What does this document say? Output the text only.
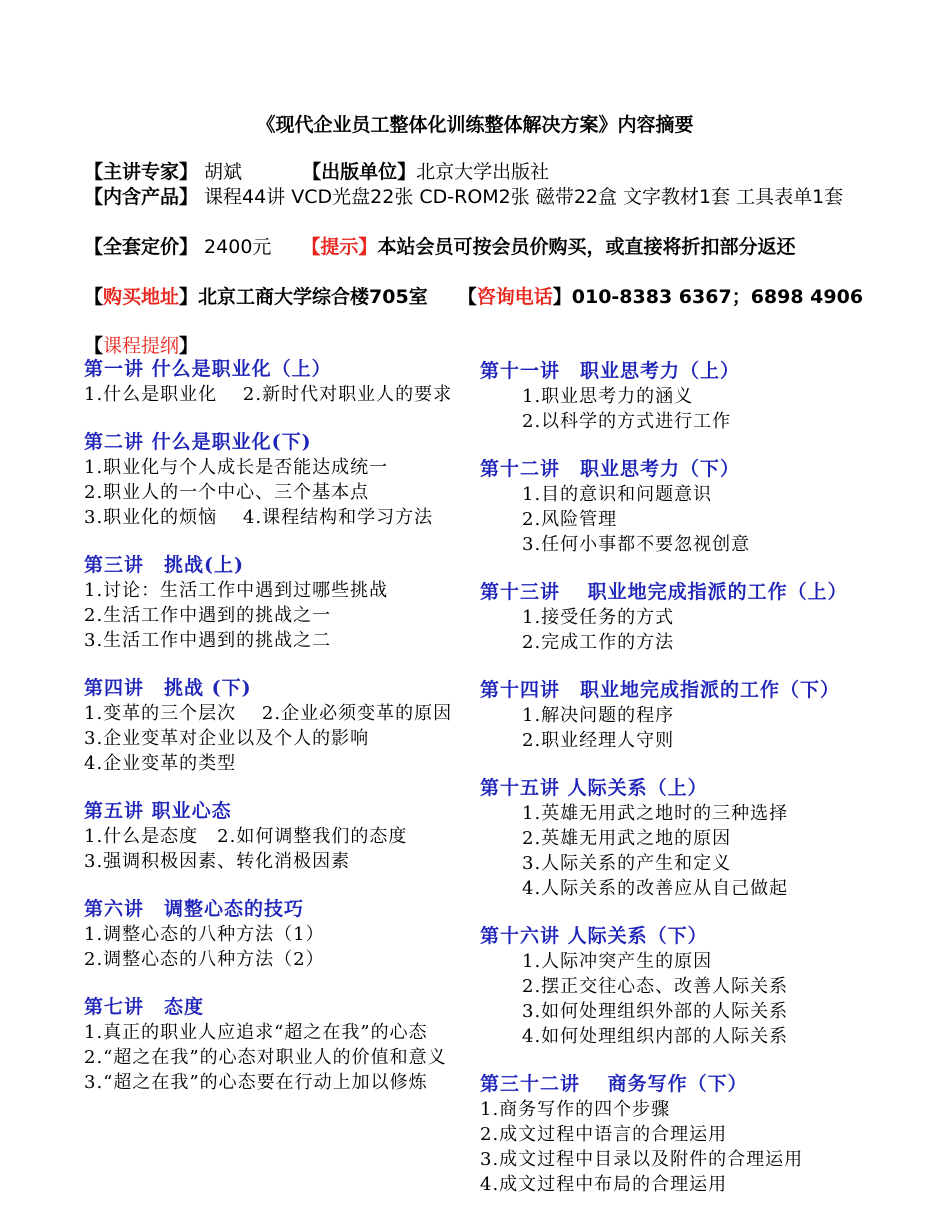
《现代企业员工整体化训练整体解决方案》内容摘要
【主讲专家】 胡斌	【出版单位】北京大学出版社
【内含产品】 课程44讲 VCD光盘22张 CD-ROM2张 磁带22盒 文字教材1套 工具表单1套
【全套定价】 2400元 【提示】本站会员可按会员价购买，或直接将折扣部分返还
【购买地址】北京工商大学综合楼705室 【咨询电话】010-8383 6367；6898 4906
【课程提纲】
第一讲 什么是职业化（上）
1.什么是职业化　 2.新时代对职业人的要求
第二讲 什么是职业化(下)
1.职业化与个人成长是否能达成统一
2.职业人的一个中心、三个基本点
3.职业化的烦恼　 4.课程结构和学习方法
第三讲　挑战(上)
1.讨论：生活工作中遇到过哪些挑战
2.生活工作中遇到的挑战之一
3.生活工作中遇到的挑战之二
第四讲　挑战 (下)
1.变革的三个层次　 2.企业必须变革的原因
3.企业变革对企业以及个人的影响
4.企业变革的类型
第五讲 职业心态
1.什么是态度　2.如何调整我们的态度
3.强调积极因素、转化消极因素
第六讲　调整心态的技巧
1.调整心态的八种方法（1）
2.调整心态的八种方法（2）
第七讲　态度
1.真正的职业人应追求“超之在我”的心态
2.“超之在我”的心态对职业人的价值和意义
3.“超之在我”的心态要在行动上加以修炼
第十一讲　职业思考力（上）
1.职业思考力的涵义
2.以科学的方式进行工作
第十二讲　职业思考力（下）
1.目的意识和问题意识
2.风险管理
3.任何小事都不要忽视创意
第十三讲　 职业地完成指派的工作（上）
1.接受任务的方式
2.完成工作的方法
第十四讲　职业地完成指派的工作（下）
1.解决问题的程序
2.职业经理人守则
第十五讲 人际关系（上）
1.英雄无用武之地时的三种选择
2.英雄无用武之地的原因
3.人际关系的产生和定义
4.人际关系的改善应从自己做起
第十六讲 人际关系（下）
1.人际冲突产生的原因
2.摆正交往心态、改善人际关系
3.如何处理组织外部的人际关系
4.如何处理组织内部的人际关系
第三十二讲　 商务写作（下）
1.商务写作的四个步骤
2.成文过程中语言的合理运用
3.成文过程中目录以及附件的合理运用
4.成文过程中布局的合理运用
